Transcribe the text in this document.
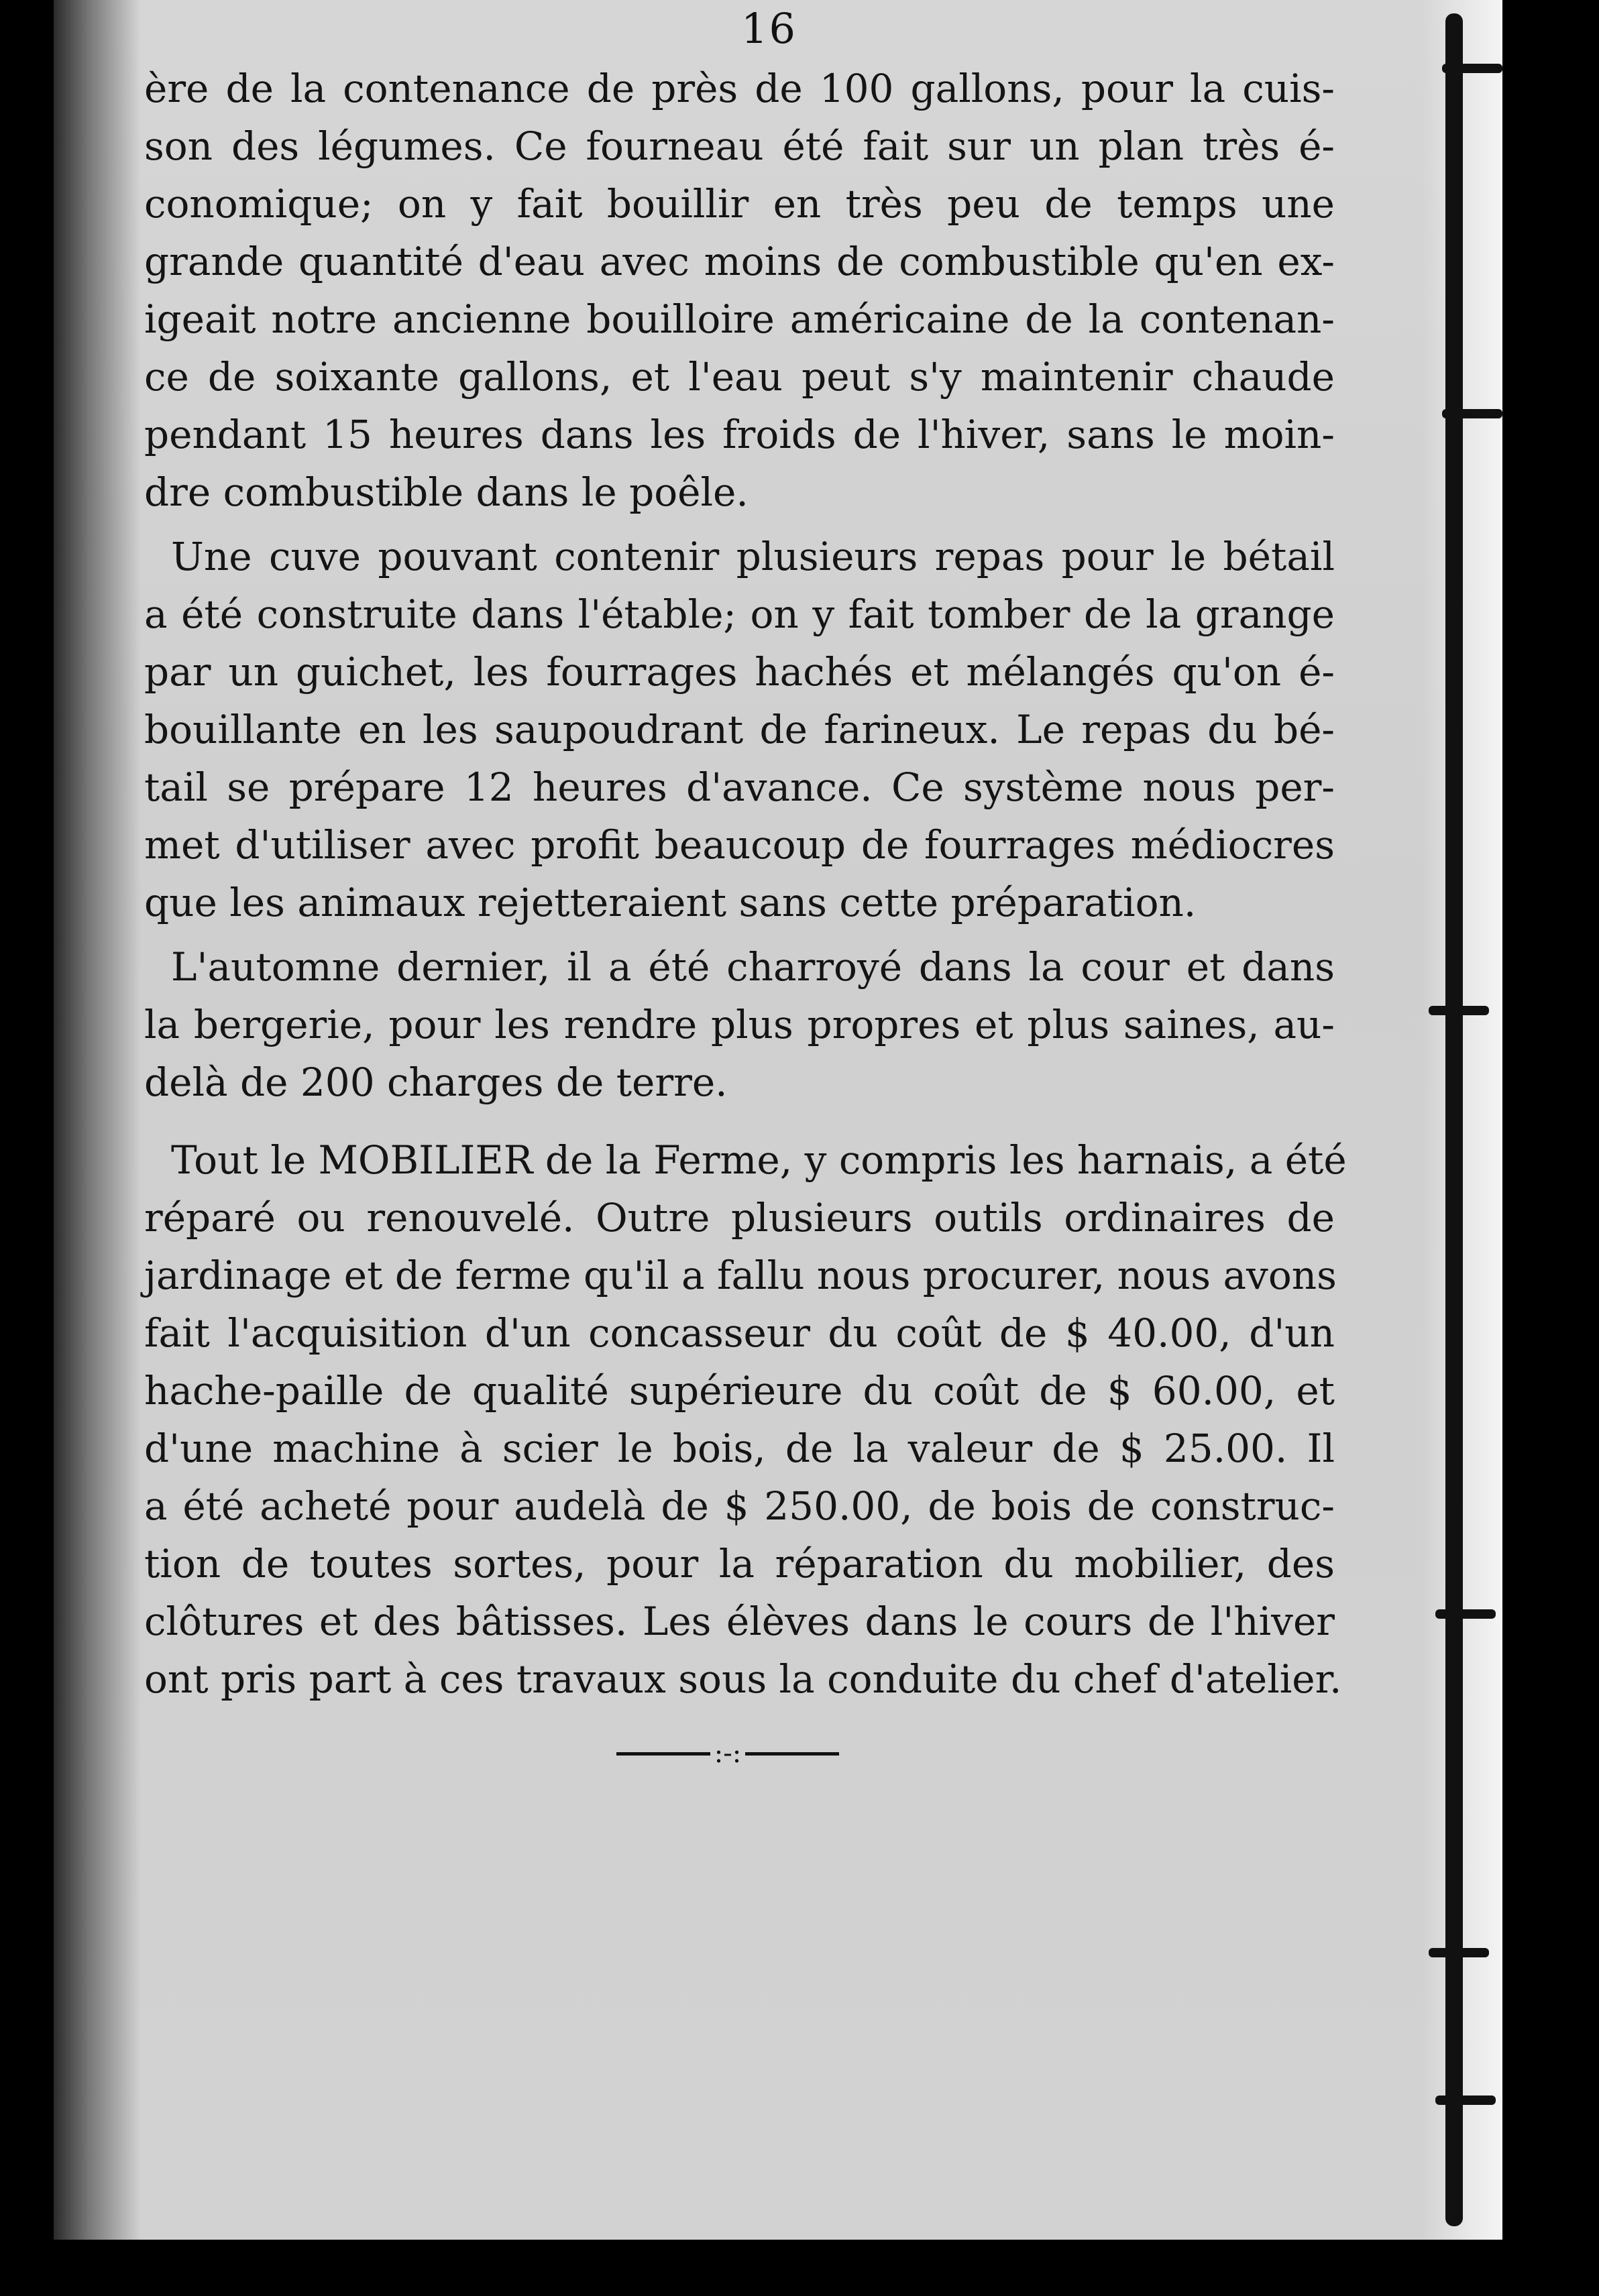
16
ère de la contenance de près de 100 gallons, pour la cuis-
son des légumes. Ce fourneau été fait sur un plan très é-
conomique; on y fait bouillir en très peu de temps une
grande quantité d'eau avec moins de combustible qu'en ex-
igeait notre ancienne bouilloire américaine de la contenan-
ce de soixante gallons, et l'eau peut s'y maintenir chaude
pendant 15 heures dans les froids de l'hiver, sans le moin-
dre combustible dans le poêle.
Une cuve pouvant contenir plusieurs repas pour le bétail
a été construite dans l'étable; on y fait tomber de la grange
par un guichet, les fourrages hachés et mélangés qu'on é-
bouillante en les saupoudrant de farineux. Le repas du bé-
tail se prépare 12 heures d'avance. Ce système nous per-
met d'utiliser avec profit beaucoup de fourrages médiocres
que les animaux rejetteraient sans cette préparation.
L'automne dernier, il a été charroyé dans la cour et dans
la bergerie, pour les rendre plus propres et plus saines, au-
delà de 200 charges de terre.
Tout le MOBILIER de la Ferme, y compris les harnais, a été
réparé ou renouvelé. Outre plusieurs outils ordinaires de
jardinage et de ferme qu'il a fallu nous procurer, nous avons
fait l'acquisition d'un concasseur du coût de $ 40.00, d'un
hache-paille de qualité supérieure du coût de $ 60.00, et
d'une machine à scier le bois, de la valeur de $ 25.00. Il
a été acheté pour audelà de $ 250.00, de bois de construc-
tion de toutes sortes, pour la réparation du mobilier, des
clôtures et des bâtisses. Les élèves dans le cours de l'hiver
ont pris part à ces travaux sous la conduite du chef d'atelier.
:-:
